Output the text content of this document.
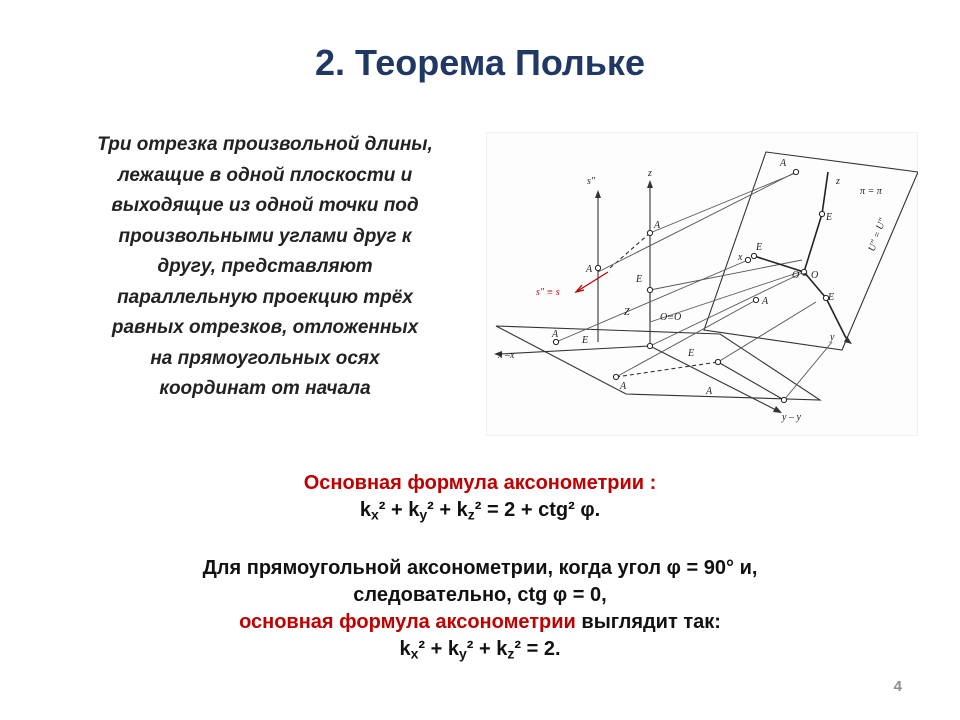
2. Теорема Польке
Три отрезка произвольной длины,
лежащие в одной плоскости и
выходящие из одной точки под
произвольными углами друг к
другу, представляют
параллельную проекцию трёх
равных отрезков, отложенных
на прямоугольных осях
координат от начала
s″
z
A
A
E
s″ ≡ s
Z	O≡O
A
E
x –x	E
A	A
y – y
A
z
π = π
E
x
E
O = O
A	E
y
U″ = U″
Основная формула аксонометрии :
$k_x^2 + k_y^2 + k_z^2 = 2 + ctg^2$ φ.
Для прямоугольной аксонометрии, когда угол φ = 90° и,
следовательно, ctg φ = 0,
основная формула аксонометрии выглядит так:
$k_x^2 + k_y^2 + k_z^2 = 2$.
4
